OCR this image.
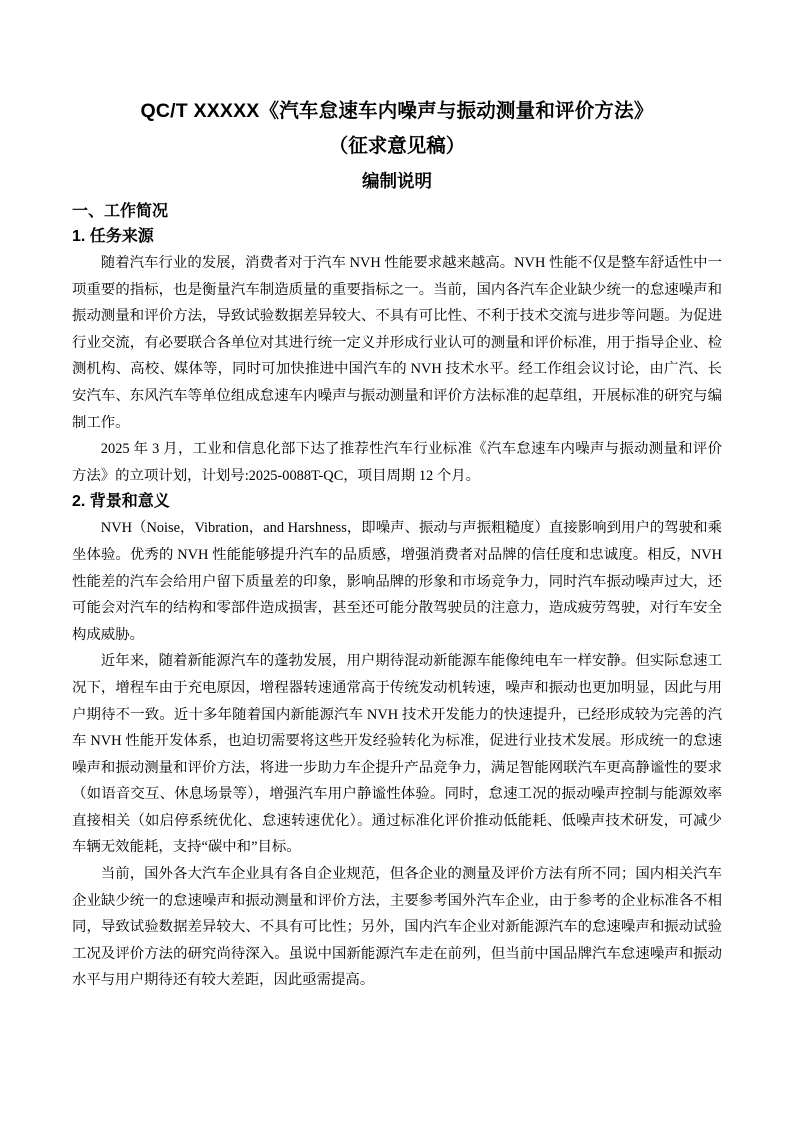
QC/T XXXXX《汽车怠速车内噪声与振动测量和评价方法》
（征求意见稿）
编制说明
一、工作简况
1. 任务来源

随着汽车行业的发展，消费者对于汽车 NVH 性能要求越来越高。NVH 性能不仅是整车舒适性中一项重要的指标，也是衡量汽车制造质量的重要指标之一。当前，国内各汽车企业缺少统一的怠速噪声和振动测量和评价方法，导致试验数据差异较大、不具有可比性、不利于技术交流与进步等问题。为促进行业交流，有必要联合各单位对其进行统一定义并形成行业认可的测量和评价标准，用于指导企业、检测机构、高校、媒体等，同时可加快推进中国汽车的 NVH 技术水平。经工作组会议讨论，由广汽、长安汽车、东风汽车等单位组成怠速车内噪声与振动测量和评价方法标准的起草组，开展标准的研究与编制工作。

2025 年 3 月，工业和信息化部下达了推荐性汽车行业标准《汽车怠速车内噪声与振动测量和评价方法》的立项计划，计划号:2025-0088T-QC，项目周期 12 个月。

2. 背景和意义

NVH（Noise，Vibration，and Harshness，即噪声、振动与声振粗糙度）直接影响到用户的驾驶和乘坐体验。优秀的 NVH 性能能够提升汽车的品质感，增强消费者对品牌的信任度和忠诚度。相反，NVH 性能差的汽车会给用户留下质量差的印象，影响品牌的形象和市场竞争力，同时汽车振动噪声过大，还可能会对汽车的结构和零部件造成损害，甚至还可能分散驾驶员的注意力，造成疲劳驾驶，对行车安全构成威胁。

近年来，随着新能源汽车的蓬勃发展，用户期待混动新能源车能像纯电车一样安静。但实际怠速工况下，增程车由于充电原因，增程器转速通常高于传统发动机转速，噪声和振动也更加明显，因此与用户期待不一致。近十多年随着国内新能源汽车 NVH 技术开发能力的快速提升，已经形成较为完善的汽车 NVH 性能开发体系，也迫切需要将这些开发经验转化为标准，促进行业技术发展。形成统一的怠速噪声和振动测量和评价方法，将进一步助力车企提升产品竞争力，满足智能网联汽车更高静谧性的要求（如语音交互、休息场景等），增强汽车用户静谧性体验。同时，怠速工况的振动噪声控制与能源效率直接相关（如启停系统优化、怠速转速优化）。通过标准化评价推动低能耗、低噪声技术研发，可减少车辆无效能耗，支持“碳中和”目标。

当前，国外各大汽车企业具有各自企业规范，但各企业的测量及评价方法有所不同；国内相关汽车企业缺少统一的怠速噪声和振动测量和评价方法，主要参考国外汽车企业，由于参考的企业标准各不相同，导致试验数据差异较大、不具有可比性；另外，国内汽车企业对新能源汽车的怠速噪声和振动试验工况及评价方法的研究尚待深入。虽说中国新能源汽车走在前列，但当前中国品牌汽车怠速噪声和振动水平与用户期待还有较大差距，因此亟需提高。
